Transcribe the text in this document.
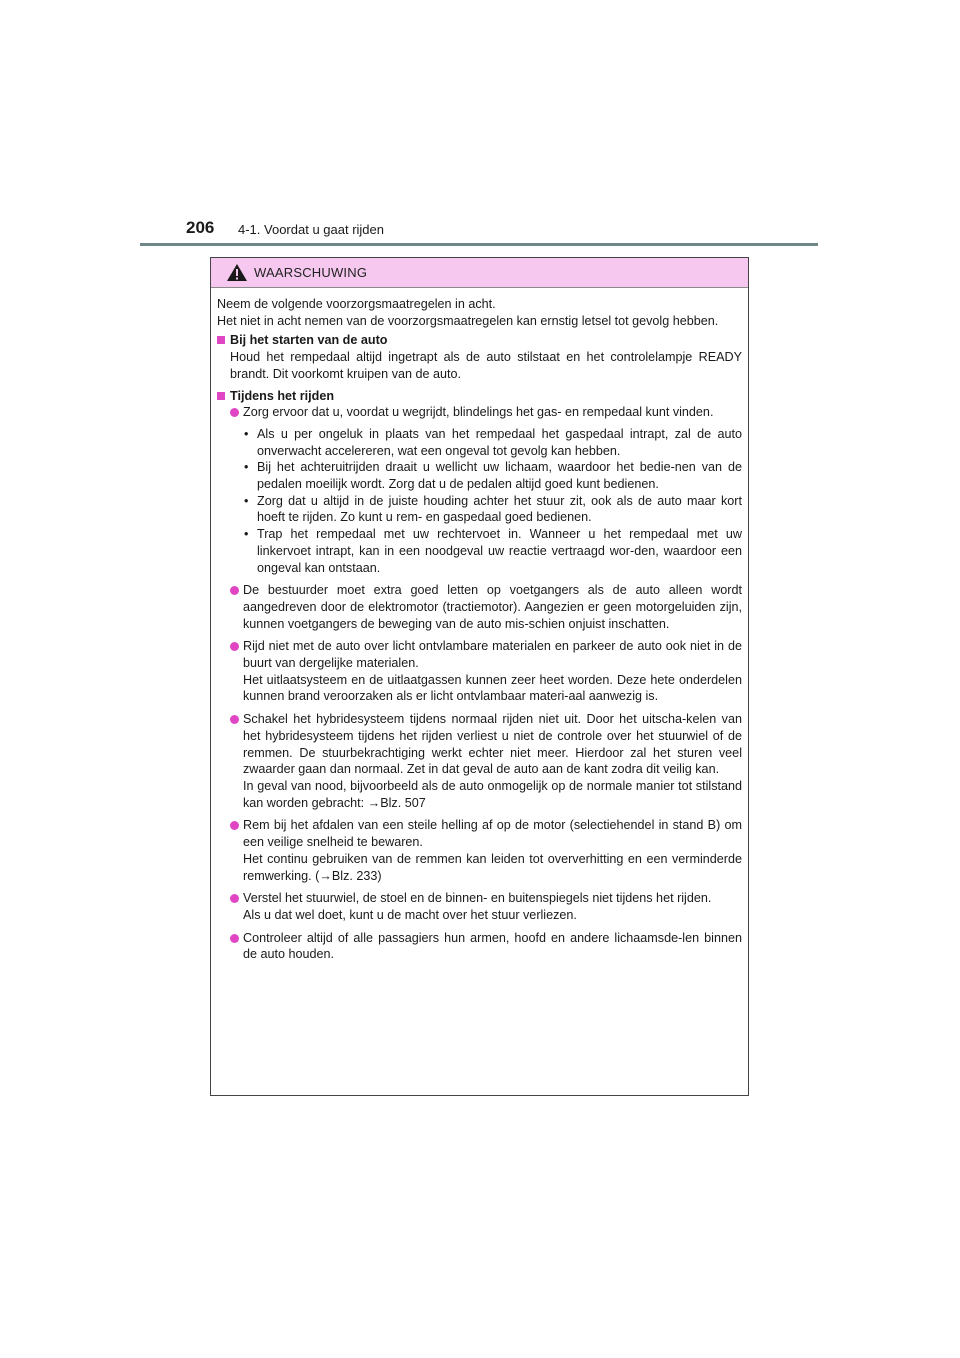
206 4-1. Voordat u gaat rijden
WAARSCHUWING

Neem de volgende voorzorgsmaatregelen in acht.

Het niet in acht nemen van de voorzorgsmaatregelen kan ernstig letsel tot gevolg hebben.

Bij het starten van de auto

Houd het rempedaal altijd ingetrapt als de auto stilstaat en het controlelampje READY brandt. Dit voorkomt kruipen van de auto.

Tijdens het rijden

Zorg ervoor dat u, voordat u wegrijdt, blindelings het gas- en rempedaal kunt vinden.

• Als u per ongeluk in plaats van het rempedaal het gaspedaal intrapt, zal de auto onverwacht accelereren, wat een ongeval tot gevolg kan hebben.

• Bij het achteruitrijden draait u wellicht uw lichaam, waardoor het bedie-nen van de pedalen moeilijk wordt. Zorg dat u de pedalen altijd goed kunt bedienen.

• Zorg dat u altijd in de juiste houding achter het stuur zit, ook als de auto maar kort hoeft te rijden. Zo kunt u rem- en gaspedaal goed bedienen.

• Trap het rempedaal met uw rechtervoet in. Wanneer u het rempedaal met uw linkervoet intrapt, kan in een noodgeval uw reactie vertraagd wor-den, waardoor een ongeval kan ontstaan.

De bestuurder moet extra goed letten op voetgangers als de auto alleen wordt aangedreven door de elektromotor (tractiemotor). Aangezien er geen motorgeluiden zijn, kunnen voetgangers de beweging van de auto mis-schien onjuist inschatten.

Rijd niet met de auto over licht ontvlambare materialen en parkeer de auto ook niet in de buurt van dergelijke materialen.

Het uitlaatsysteem en de uitlaatgassen kunnen zeer heet worden. Deze hete onderdelen kunnen brand veroorzaken als er licht ontvlambaar materi-aal aanwezig is.

Schakel het hybridesysteem tijdens normaal rijden niet uit. Door het uitscha-kelen van het hybridesysteem tijdens het rijden verliest u niet de controle over het stuurwiel of de remmen. De stuurbekrachtiging werkt echter niet meer. Hierdoor zal het sturen veel zwaarder gaan dan normaal. Zet in dat geval de auto aan de kant zodra dit veilig kan.

In geval van nood, bijvoorbeeld als de auto onmogelijk op de normale manier tot stilstand kan worden gebracht: →Blz. 507

Rem bij het afdalen van een steile helling af op de motor (selectiehendel in stand B) om een veilige snelheid te bewaren.

Het continu gebruiken van de remmen kan leiden tot oververhitting en een verminderde remwerking. (→Blz. 233)

Verstel het stuurwiel, de stoel en de binnen- en buitenspiegels niet tijdens het rijden.

Als u dat wel doet, kunt u de macht over het stuur verliezen.

Controleer altijd of alle passagiers hun armen, hoofd en andere lichaamsde-len binnen de auto houden.
